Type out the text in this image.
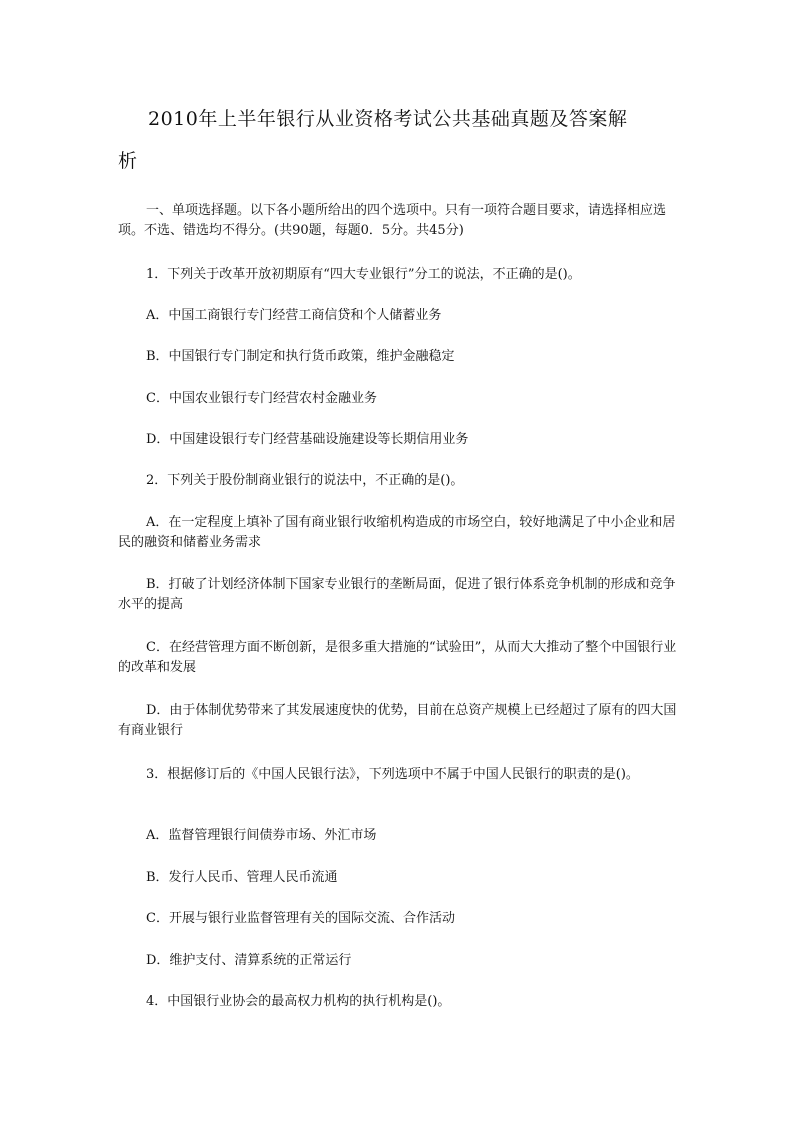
2010年上半年银行从业资格考试公共基础真题及答案解
析
一、单项选择题。以下各小题所给出的四个选项中。只有一项符合题目要求，请选择相应选项。不选、错选均不得分。(共90题，每题0．5分。共45分)
1．下列关于改革开放初期原有“四大专业银行”分工的说法，不正确的是()。
A．中国工商银行专门经营工商信贷和个人储蓄业务
B．中国银行专门制定和执行货币政策，维护金融稳定
C．中国农业银行专门经营农村金融业务
D．中国建设银行专门经营基础设施建设等长期信用业务
2．下列关于股份制商业银行的说法中，不正确的是()。
A．在一定程度上填补了国有商业银行收缩机构造成的市场空白，较好地满足了中小企业和居民的融资和储蓄业务需求
B．打破了计划经济体制下国家专业银行的垄断局面，促进了银行体系竞争机制的形成和竞争水平的提高
C．在经营管理方面不断创新，是很多重大措施的“试验田”，从而大大推动了整个中国银行业的改革和发展
D．由于体制优势带来了其发展速度快的优势，目前在总资产规模上已经超过了原有的四大国有商业银行
3．根据修订后的《中国人民银行法》，下列选项中不属于中国人民银行的职责的是()。
A．监督管理银行间债券市场、外汇市场
B．发行人民币、管理人民币流通
C．开展与银行业监督管理有关的国际交流、合作活动
D．维护支付、清算系统的正常运行
4．中国银行业协会的最高权力机构的执行机构是()。
